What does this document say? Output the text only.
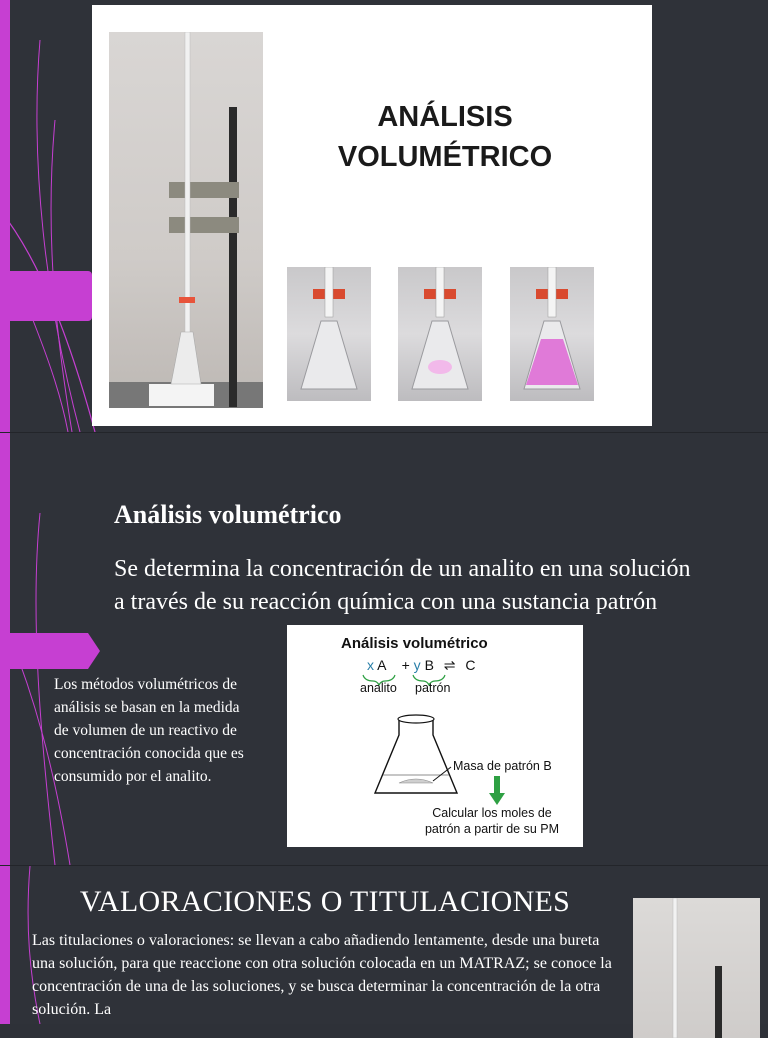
ANÁLISIS
VOLUMÉTRICO
Análisis volumétrico
Se determina la concentración de un analito en una solución a través de su reacción química con una sustancia patrón
Análisis volumétrico
x A + y B ⇌ C
analito patrón
Masa de patrón B
Calcular los moles de
patrón a partir de su PM
Los métodos volumétricos de análisis se basan en la medida de volumen de un reactivo de concentración conocida que es consumido por el analito.
VALORACIONES O TITULACIONES
Las titulaciones o valoraciones: se llevan a cabo añadiendo lentamente, desde una bureta una solución, para que reaccione con otra solución colocada en un MATRAZ; se conoce la concentración de una de las soluciones, y se busca determinar la concentración de la otra solución. La
